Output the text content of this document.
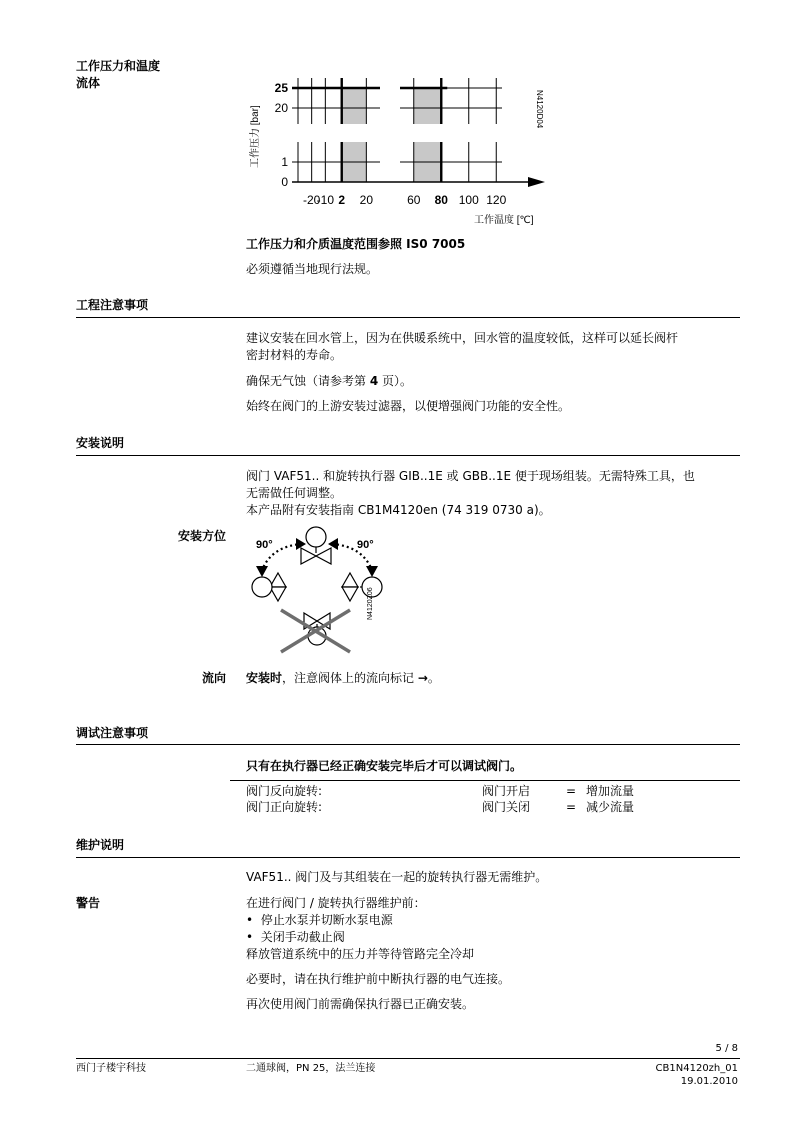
工作压力和温度
流体	25
20
1
0
-20
-10 2 20	60 80 100 120
工作压力 [bar]	N4120D04
工作温度 [℃]
工作压力和介质温度范围参照 IS0 7005
必须遵循当地现行法规。
工程注意事项
建议安装在回水管上，因为在供暖系统中，回水管的温度较低，这样可以延长阀杆
密封材料的寿命。
确保无气蚀（请参考第 4 页）。
始终在阀门的上游安装过滤器，以便增强阀门功能的安全性。
安装说明
阀门 VAF51.. 和旋转执行器 GIB..1E 或 GBB..1E 便于现场组装。无需特殊工具，也
无需做任何调整。
本产品附有安装指南 CB1M4120en (74 319 0730 a)。
安装方位
90°	90°
N4120Z06
流向 安装时，注意阀体上的流向标记 →。
调试注意事项
只有在执行器已经正确安装完毕后才可以调试阀门。
阀门反向旋转:	阀门开启	= 增加流量
阀门正向旋转:	阀门关闭	= 减少流量
维护说明
VAF51.. 阀门及与其组装在一起的旋转执行器无需维护。
警告	在进行阀门 / 旋转执行器维护前：
•  停止水泵并切断水泵电源
•  关闭手动截止阀
释放管道系统中的压力并等待管路完全冷却
必要时，请在执行维护前中断执行器的电气连接。
再次使用阀门前需确保执行器已正确安装。
5 / 8
西门子楼宇科技	二通球阀，PN 25，法兰连接	CB1N4120zh_01
19.01.2010
